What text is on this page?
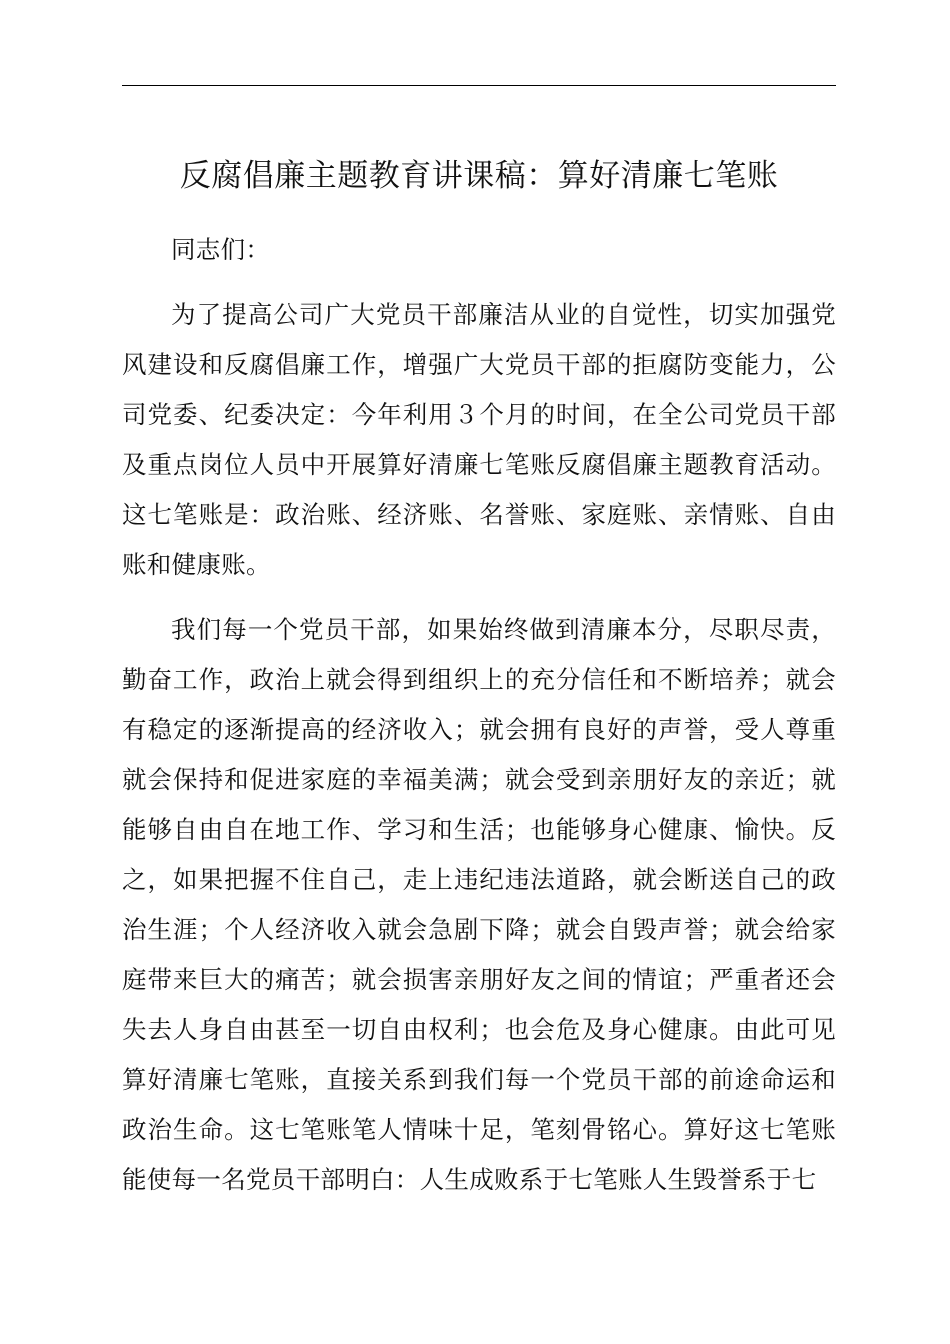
反腐倡廉主题教育讲课稿：算好清廉七笔账

同志们：

为了提高公司广大党员干部廉洁从业的自觉性，切实加强党风建设和反腐倡廉工作，增强广大党员干部的拒腐防变能力，公司党委、纪委决定：今年利用３个月的时间，在全公司党员干部及重点岗位人员中开展算好清廉七笔账反腐倡廉主题教育活动。这七笔账是：政治账、经济账、名誉账、家庭账、亲情账、自由账和健康账。

我们每一个党员干部，如果始终做到清廉本分，尽职尽责，勤奋工作，政治上就会得到组织上的充分信任和不断培养；就会有稳定的逐渐提高的经济收入；就会拥有良好的声誉，受人尊重就会保持和促进家庭的幸福美满；就会受到亲朋好友的亲近；就能够自由自在地工作、学习和生活；也能够身心健康、愉快。反之，如果把握不住自己，走上违纪违法道路，就会断送自己的政治生涯；个人经济收入就会急剧下降；就会自毁声誉；就会给家庭带来巨大的痛苦；就会损害亲朋好友之间的情谊；严重者还会失去人身自由甚至一切自由权利；也会危及身心健康。由此可见算好清廉七笔账，直接关系到我们每一个党员干部的前途命运和政治生命。这七笔账笔人情味十足，笔刻骨铭心。算好这七笔账能使每一名党员干部明白：人生成败系于七笔账人生毁誉系于七
